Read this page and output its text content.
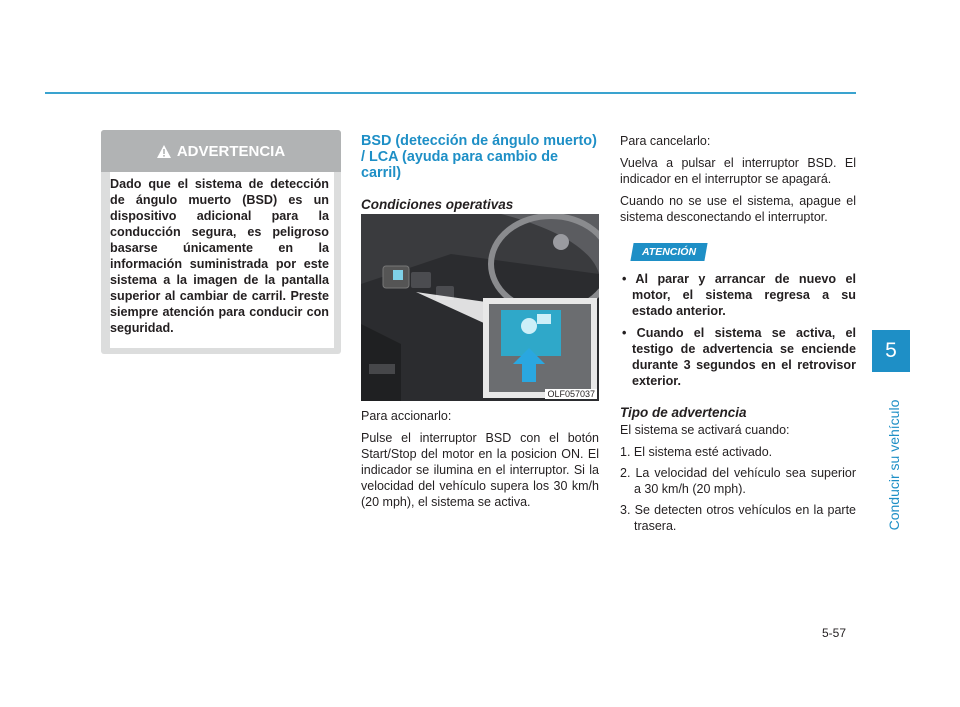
5
Conducir su vehículo
ADVERTENCIA

Dado que el sistema de detección de ángulo muerto (BSD) es un dispositivo adicional para la conducción segura, es peligroso basarse únicamente en la información suministrada por este sistema a la imagen de la pantalla superior al cambiar de carril. Preste siempre atención para conducir con seguridad.

BSD (detección de ángulo muerto) / LCA (ayuda para cambio de carril)
Condiciones operativas
OLF057037

Para accionarlo:

Pulse el interruptor BSD con el botón Start/Stop del motor en la posicion ON. El indicador se ilumina en el interruptor. Si la velocidad del vehículo supera los 30 km/h (20 mph), el sistema se activa.

Para cancelarlo:

Vuelva a pulsar el interruptor BSD. El indicador en el interruptor se apagará.

Cuando no se use el sistema, apague el sistema desconectando el interruptor.

ATENCIÓN

• Al parar y arrancar de nuevo el motor, el sistema regresa a su estado anterior.

• Cuando el sistema se activa, el testigo de advertencia se enciende durante 3 segundos en el retrovisor exterior.

Tipo de advertencia

El sistema se activará cuando:

1. El sistema esté activado.

2. La velocidad del vehículo sea superior a 30 km/h (20 mph).

3. Se detecten otros vehículos en la parte trasera.

5-57
